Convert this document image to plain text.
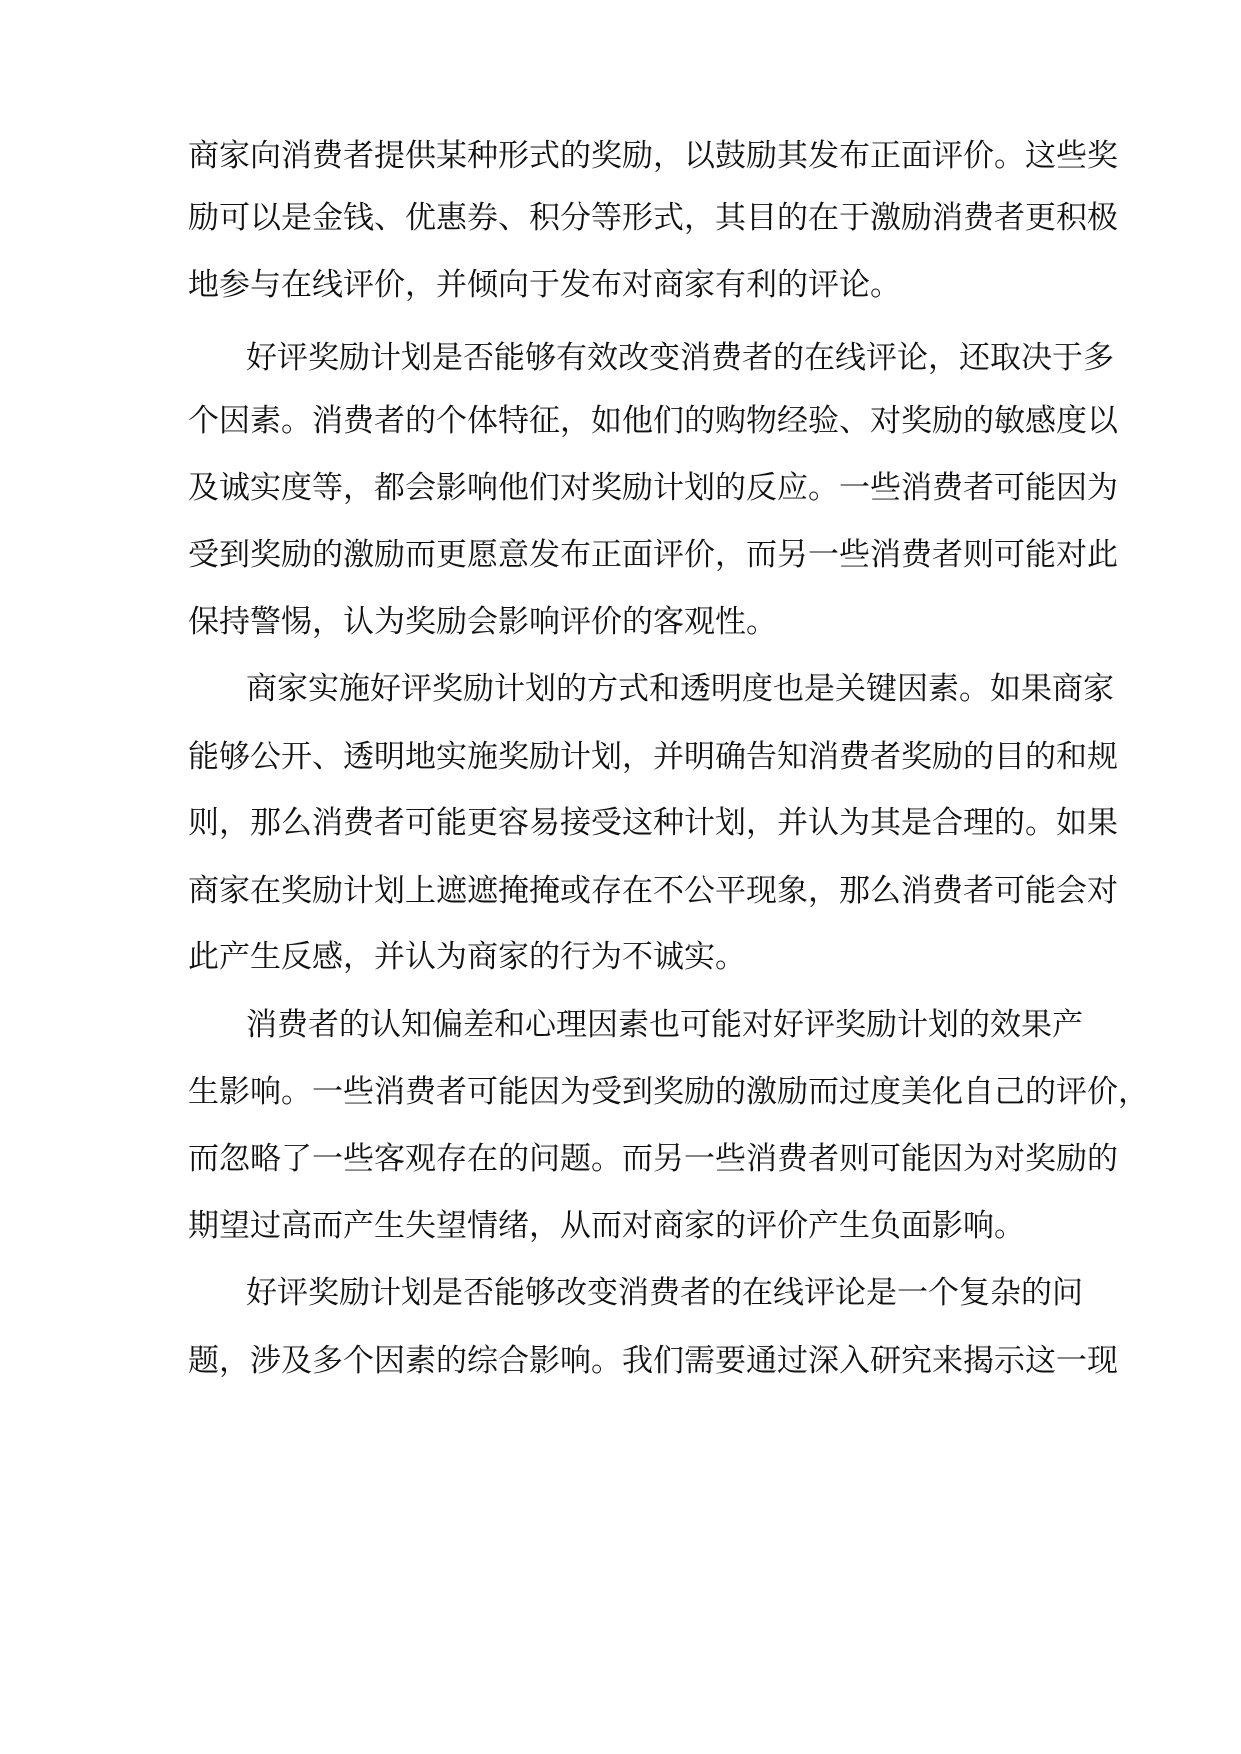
商家向消费者提供某种形式的奖励，以鼓励其发布正面评价。这些奖
励可以是金钱、优惠券、积分等形式，其目的在于激励消费者更积极
地参与在线评价，并倾向于发布对商家有利的评论。
好评奖励计划是否能够有效改变消费者的在线评论，还取决于多
个因素。消费者的个体特征，如他们的购物经验、对奖励的敏感度以
及诚实度等，都会影响他们对奖励计划的反应。一些消费者可能因为
受到奖励的激励而更愿意发布正面评价，而另一些消费者则可能对此
保持警惕，认为奖励会影响评价的客观性。
商家实施好评奖励计划的方式和透明度也是关键因素。如果商家
能够公开、透明地实施奖励计划，并明确告知消费者奖励的目的和规
则，那么消费者可能更容易接受这种计划，并认为其是合理的。如果
商家在奖励计划上遮遮掩掩或存在不公平现象，那么消费者可能会对
此产生反感，并认为商家的行为不诚实。
消费者的认知偏差和心理因素也可能对好评奖励计划的效果产
生影响。一些消费者可能因为受到奖励的激励而过度美化自己的评价，
而忽略了一些客观存在的问题。而另一些消费者则可能因为对奖励的
期望过高而产生失望情绪，从而对商家的评价产生负面影响。
好评奖励计划是否能够改变消费者的在线评论是一个复杂的问
题，涉及多个因素的综合影响。我们需要通过深入研究来揭示这一现
